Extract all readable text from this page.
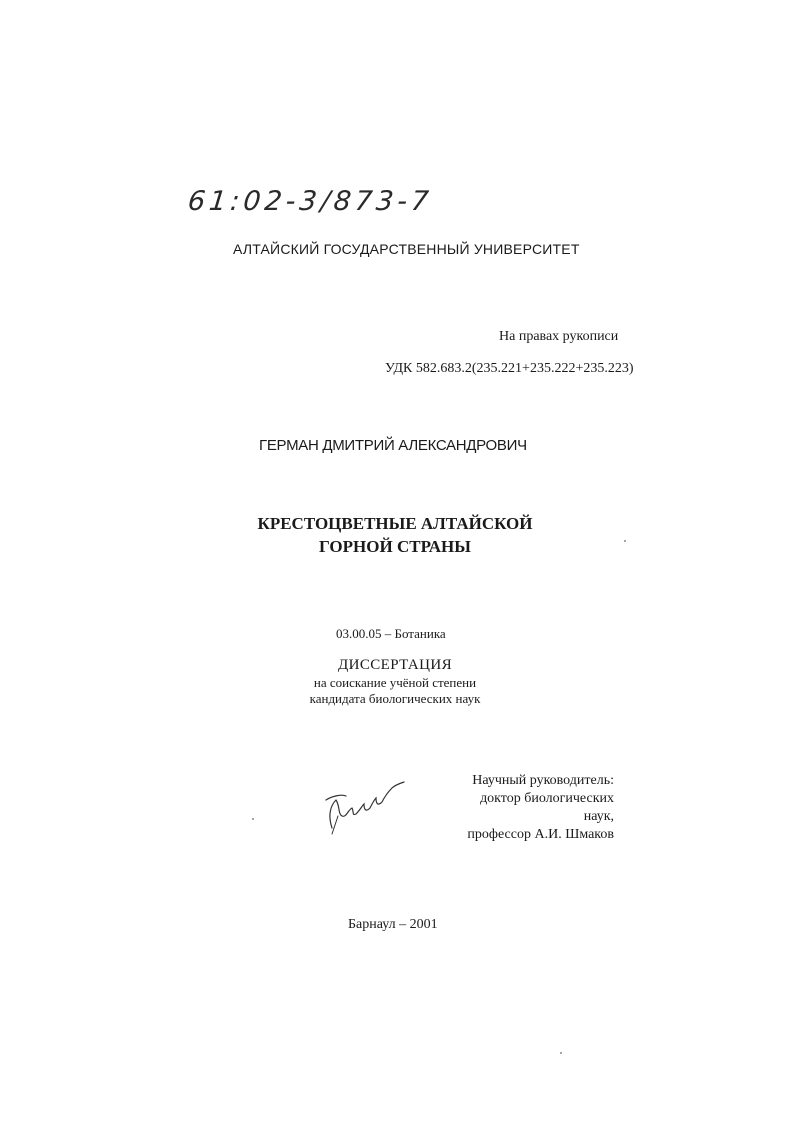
61:02-3/873-7
АЛТАЙСКИЙ ГОСУДАРСТВЕННЫЙ УНИВЕРСИТЕТ
На правах рукописи
УДК 582.683.2(235.221+235.222+235.223)
ГЕРМАН ДМИТРИЙ АЛЕКСАНДРОВИЧ
КРЕСТОЦВЕТНЫЕ АЛТАЙСКОЙ
ГОРНОЙ СТРАНЫ
03.00.05 – Ботаника
ДИССЕРТАЦИЯ
на соискание учёной степени
кандидата биологических наук
Научный руководитель:
доктор биологических наук,
профессор А.И. Шмаков
Барнаул – 2001
